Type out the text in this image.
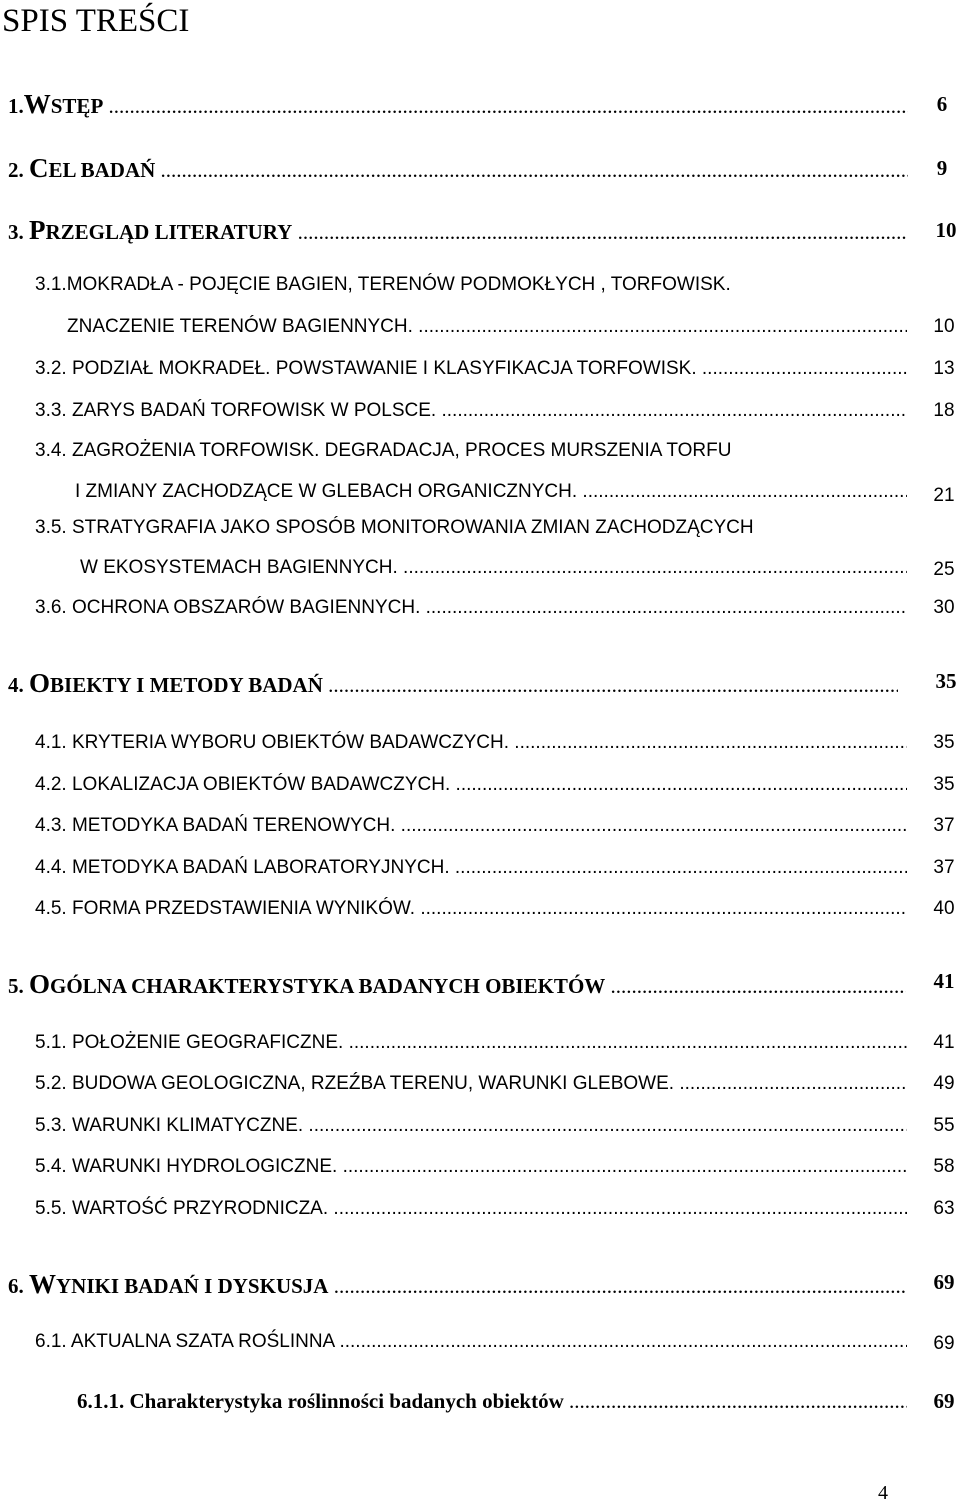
SPIS TREŚCI
1.WSTĘP .....	6
2. CEL BADAŃ .....	9
3. PRZEGLĄD LITERATURY .....	10
3.1.MOKRADŁA - POJĘCIE BAGIEN, TERENÓW PODMOKŁYCH , TORFOWISK.
ZNACZENIE TERENÓW BAGIENNYCH. .....	10
3.2. PODZIAŁ MOKRADEŁ. POWSTAWANIE I KLASYFIKACJA TORFOWISK. .....	13
3.3. ZARYS BADAŃ TORFOWISK W POLSCE. .....	18
3.4. ZAGROŻENIA TORFOWISK. DEGRADACJA, PROCES MURSZENIA TORFU
I ZMIANY ZACHODZĄCE W GLEBACH ORGANICZNYCH. .....	21
3.5. STRATYGRAFIA JAKO SPOSÓB MONITOROWANIA ZMIAN ZACHODZĄCYCH
W EKOSYSTEMACH BAGIENNYCH. .....	25
3.6. OCHRONA OBSZARÓW BAGIENNYCH. .....	30
4. OBIEKTY I METODY BADAŃ .....	35
4.1. KRYTERIA WYBORU OBIEKTÓW BADAWCZYCH. .....	35
4.2. LOKALIZACJA OBIEKTÓW BADAWCZYCH. .....	35
4.3. METODYKA BADAŃ TERENOWYCH. .....	37
4.4. METODYKA BADAŃ LABORATORYJNYCH. .....	37
4.5. FORMA PRZEDSTAWIENIA WYNIKÓW. .....	40
5. OGÓLNA CHARAKTERYSTYKA BADANYCH OBIEKTÓW .....	41
5.1. POŁOŻENIE GEOGRAFICZNE. .....	41
5.2. BUDOWA GEOLOGICZNA, RZEŹBA TERENU, WARUNKI GLEBOWE. .....	49
5.3. WARUNKI KLIMATYCZNE. .....	55
5.4. WARUNKI HYDROLOGICZNE. .....	58
5.5. WARTOŚĆ PRZYRODNICZA. .....	63
6. WYNIKI BADAŃ I DYSKUSJA .....	69
6.1. AKTUALNA SZATA ROŚLINNA .....	69
6.1.1. Charakterystyka roślinności badanych obiektów .....	69
4
